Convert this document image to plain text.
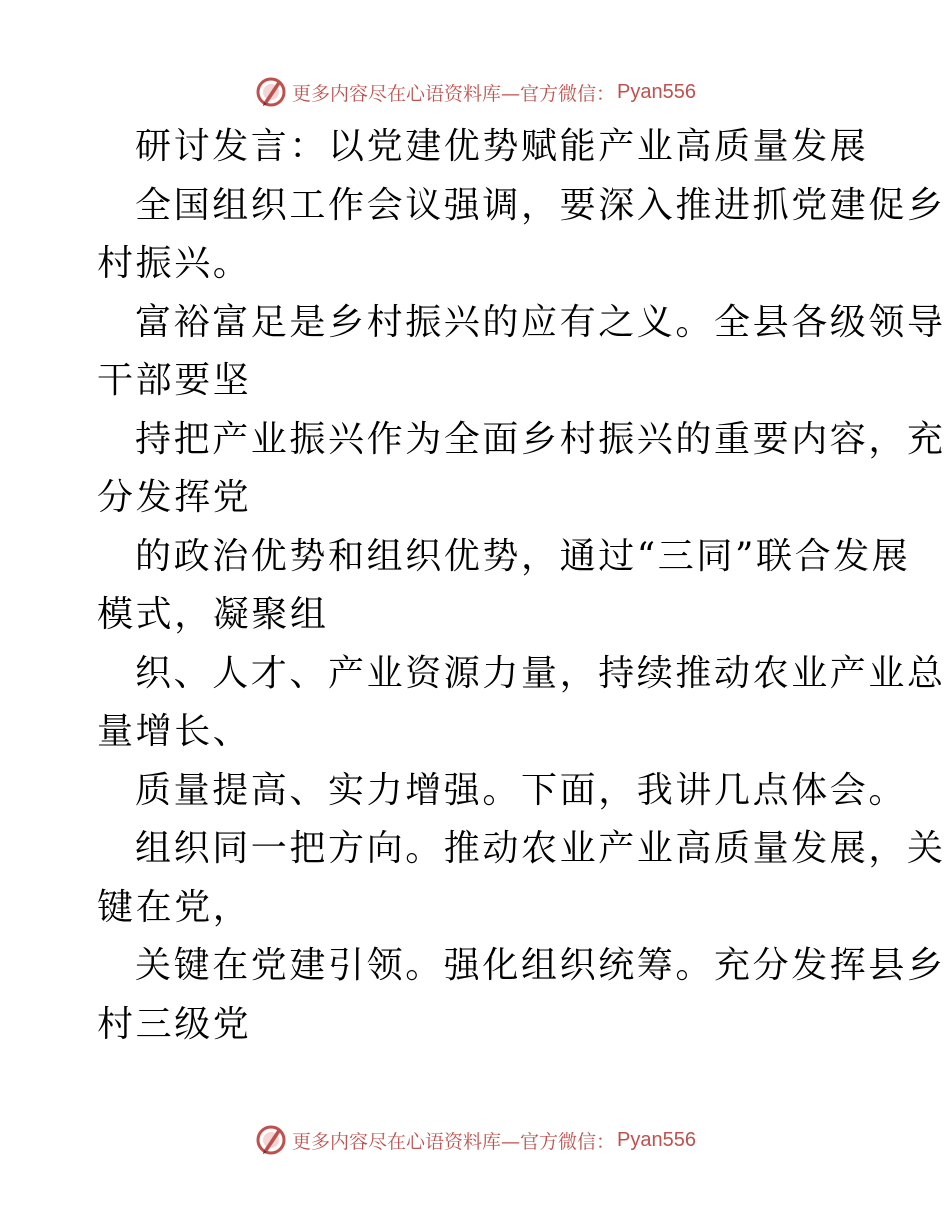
更多内容尽在心语资料库—官方微信： Pyan556
研讨发言：以党建优势赋能产业高质量发展
全国组织工作会议强调，要深入推进抓党建促乡
村振兴。
富裕富足是乡村振兴的应有之义。全县各级领导
干部要坚
持把产业振兴作为全面乡村振兴的重要内容，充
分发挥党
的政治优势和组织优势，通过“三同”联合发展
模式，凝聚组
织、人才、产业资源力量，持续推动农业产业总
量增长、
质量提高、实力增强。下面，我讲几点体会。
组织同一把方向。推动农业产业高质量发展，关
键在党，
关键在党建引领。强化组织统筹。充分发挥县乡
村三级党
更多内容尽在心语资料库—官方微信： Pyan556
